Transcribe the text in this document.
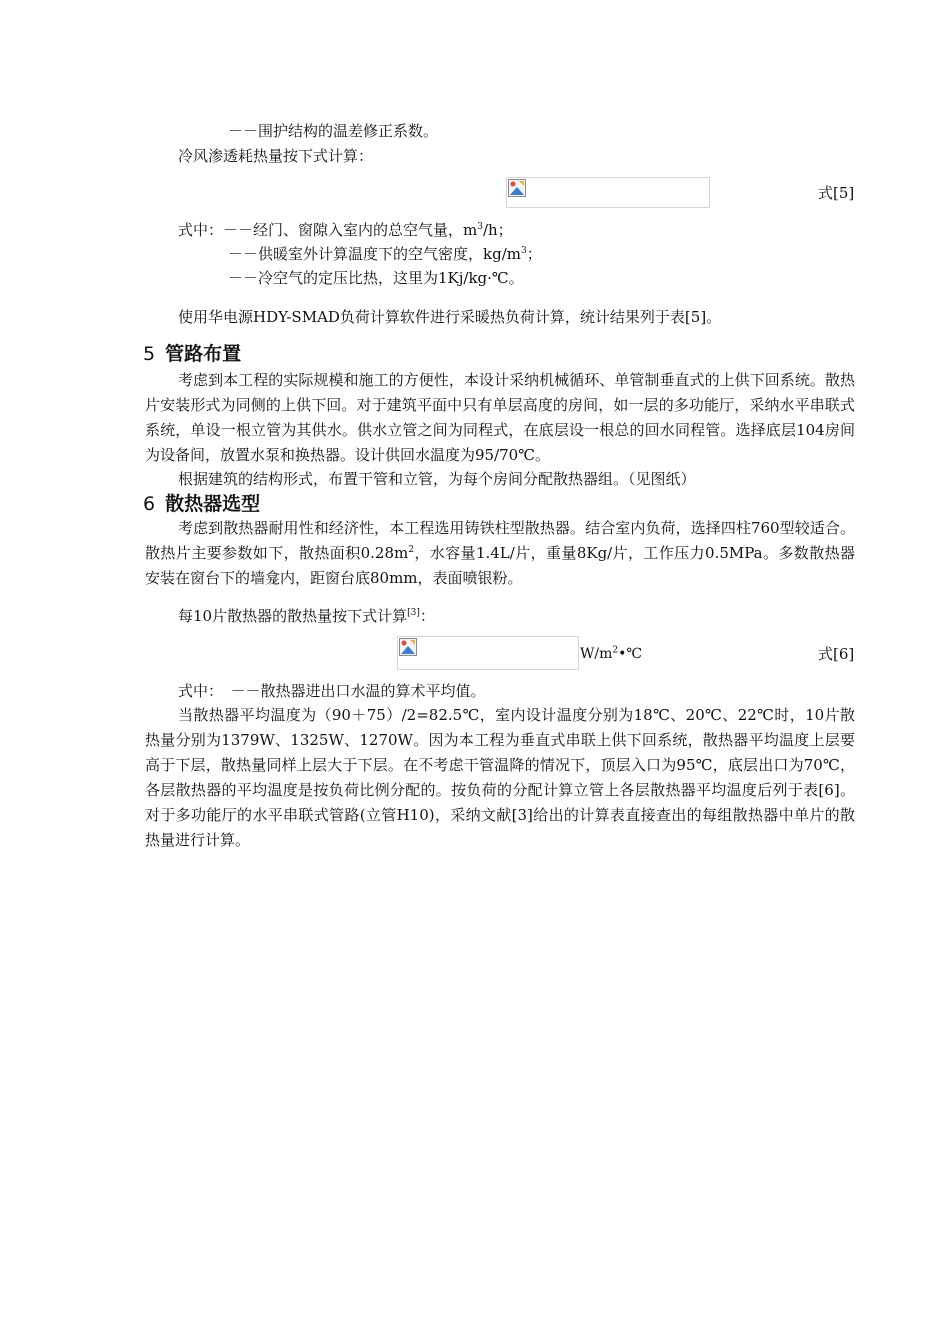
－－围护结构的温差修正系数。
冷风渗透耗热量按下式计算：
式[5]
式中：－－经门、窗隙入室内的总空气量，$m^3/h$；
－－供暖室外计算温度下的空气密度，$kg/m^3$；
－－冷空气的定压比热，这里为1Kj/kg·℃。
使用华电源HDY-SMAD负荷计算软件进行采暖热负荷计算，统计结果列于表[5]。
5 管路布置
考虑到本工程的实际规模和施工的方便性，本设计采纳机械循环、单管制垂直式的上供下回系统。散热片安装形式为同侧的上供下回。对于建筑平面中只有单层高度的房间，如一层的多功能厅，采纳水平串联式系统，单设一根立管为其供水。供水立管之间为同程式，在底层设一根总的回水同程管。选择底层104房间为设备间，放置水泵和换热器。设计供回水温度为95/70℃。
根据建筑的结构形式，布置干管和立管，为每个房间分配散热器组。（见图纸）
6 散热器选型
考虑到散热器耐用性和经济性，本工程选用铸铁柱型散热器。结合室内负荷，选择四柱760型较适合。散热片主要参数如下，散热面积$0.28m^2$，水容量1.4L/片，重量8Kg/片，工作压力0.5MPa。多数散热器安装在窗台下的墙龛内，距窗台底80mm，表面喷银粉。
每10片散热器的散热量按下式计算[3]：
$W/m^2•℃$	式[6]
式中：　－－散热器进出口水温的算术平均值。
当散热器平均温度为（90＋75）/2=82.5℃，室内设计温度分别为18℃、20℃、22℃时，10片散热量分别为1379W、1325W、1270W。因为本工程为垂直式串联上供下回系统，散热器平均温度上层要高于下层，散热量同样上层大于下层。在不考虑干管温降的情况下，顶层入口为95℃，底层出口为70℃，各层散热器的平均温度是按负荷比例分配的。按负荷的分配计算立管上各层散热器平均温度后列于表[6]。对于多功能厅的水平串联式管路(立管H10)，采纳文献[3]给出的计算表直接查出的每组散热器中单片的散热量进行计算。
